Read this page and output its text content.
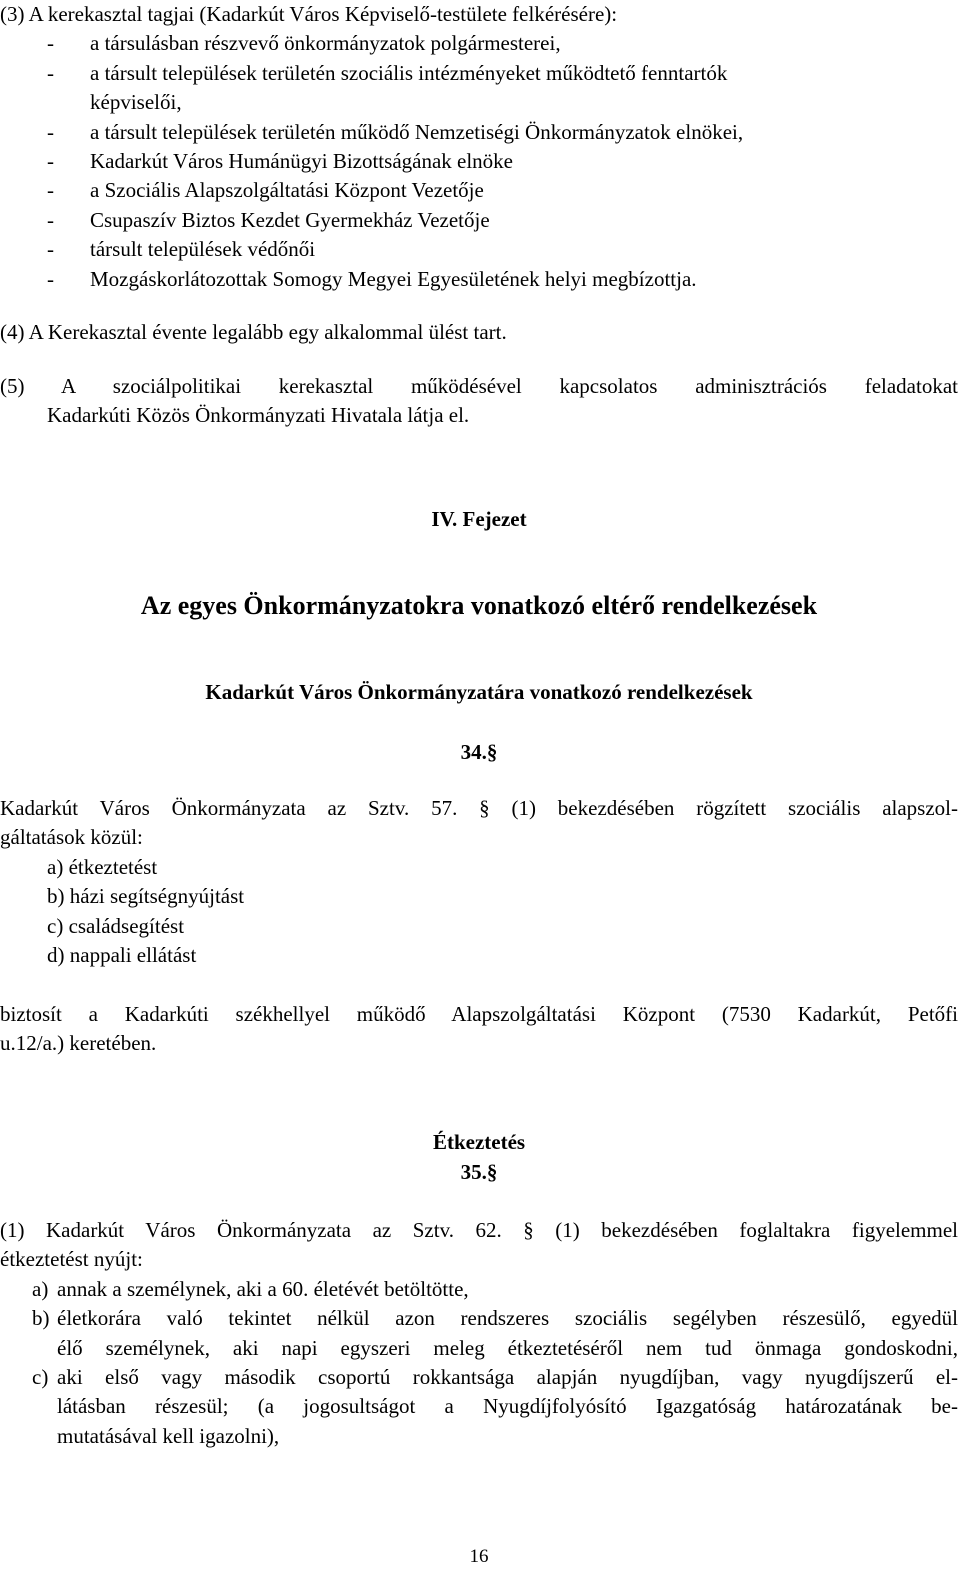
(3) A kerekasztal tagjai (Kadarkút Város Képviselő-testülete felkérésére):
- a társulásban részvevő önkormányzatok polgármesterei,
- a társult települések területén szociális intézményeket működtető fenntartók
képviselői,
- a társult települések területén működő Nemzetiségi Önkormányzatok elnökei,
- Kadarkút Város Humánügyi Bizottságának elnöke
- a Szociális Alapszolgáltatási Központ Vezetője
- Csupaszív Biztos Kezdet Gyermekház Vezetője
- társult települések védőnői
- Mozgáskorlátozottak Somogy Megyei Egyesületének helyi megbízottja.
(4) A Kerekasztal évente legalább egy alkalommal ülést tart.
(5) A szociálpolitikai kerekasztal működésével kapcsolatos adminisztrációs feladatokat
Kadarkúti Közös Önkormányzati Hivatala látja el.
IV. Fejezet
Az egyes Önkormányzatokra vonatkozó eltérő rendelkezések
Kadarkút Város Önkormányzatára vonatkozó rendelkezések
34.§
Kadarkút Város Önkormányzata az Sztv. 57. § (1) bekezdésében rögzített szociális alapszol-
gáltatások közül:
a) étkeztetést
b) házi segítségnyújtást
c) családsegítést
d) nappali ellátást
biztosít a Kadarkúti székhellyel működő Alapszolgáltatási Központ (7530 Kadarkút, Petőfi
u.12/a.) keretében.
Étkeztetés
35.§
(1) Kadarkút Város Önkormányzata az Sztv. 62. § (1) bekezdésében foglaltakra figyelemmel
étkeztetést nyújt:
a) annak a személynek, aki a 60. életévét betöltötte,
b) életkorára való tekintet nélkül azon rendszeres szociális segélyben részesülő, egyedül
élő személynek, aki napi egyszeri meleg étkeztetéséről nem tud önmaga gondoskodni,
c) aki első vagy második csoportú rokkantsága alapján nyugdíjban, vagy nyugdíjszerű el-
látásban részesül; (a jogosultságot a Nyugdíjfolyósító Igazgatóság határozatának be-
mutatásával kell igazolni),
16
